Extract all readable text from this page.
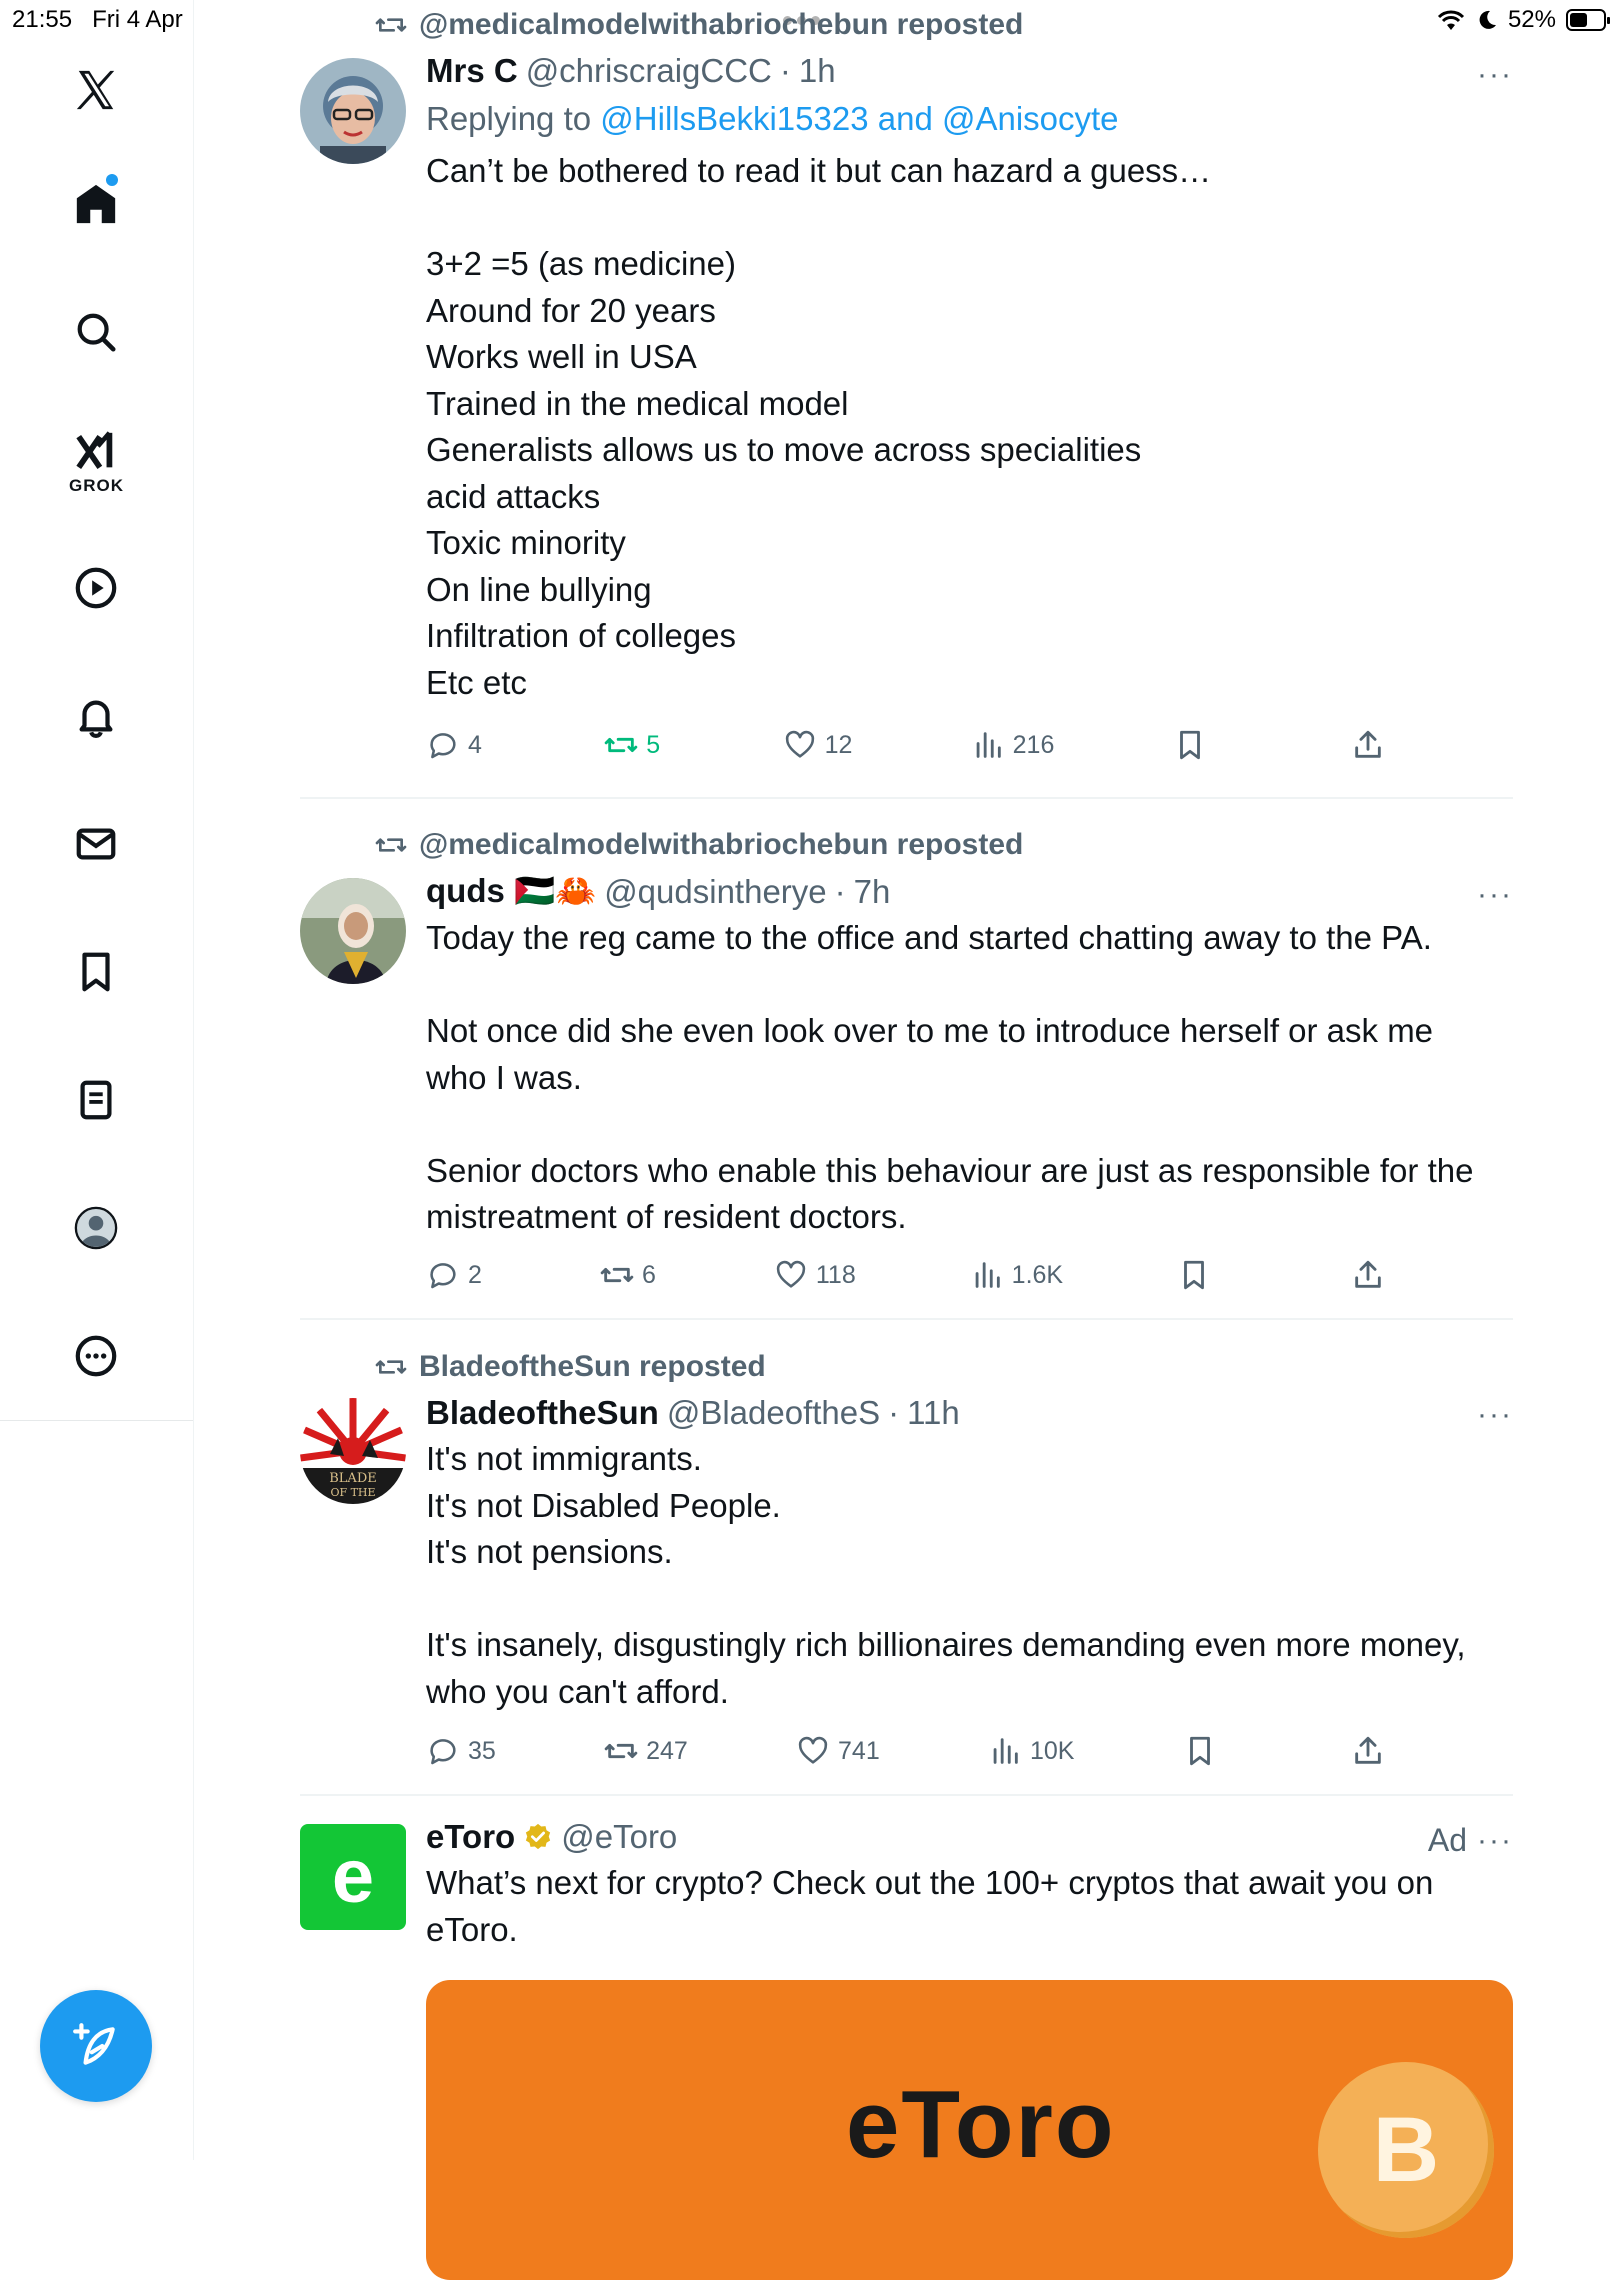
21:55 Fri 4 Apr	52%
GROK
@medicalmodelwithabriochebun reposted
Mrs C @chriscraigCCC · 1h
Replying to @HillsBekki15323 and @Anisocyte
Can’t be bothered to read it but can hazard a guess…
3+2 =5 (as medicine)
Around for 20 years
Works well in USA
Trained in the medical model
Generalists allows us to move across specialities
acid attacks
Toxic minority
On line bullying
Infiltration of colleges
Etc etc
···
4	5	12	216
@medicalmodelwithabriochebun reposted
quds 🇵🇸🦀 @qudsintherye · 7h
Today the reg came to the office and started chatting away to the PA.
Not once did she even look over to me to introduce herself or ask me
who I was.
Senior doctors who enable this behaviour are just as responsible for the
mistreatment of resident doctors.
···
2	6	118	1.6K
BladeoftheSun reposted
BLADE
OF THE
BladeoftheSun @BladeoftheS · 11h
It's not immigrants.
It's not Disabled People.
It's not pensions.
It's insanely, disgustingly rich billionaires demanding even more money,
who you can't afford.
···
35	247	741	10K
e eToro @eToro
What’s next for crypto? Check out the 100+ cryptos that await you on
eToro.
Ad ···
eToro	B
